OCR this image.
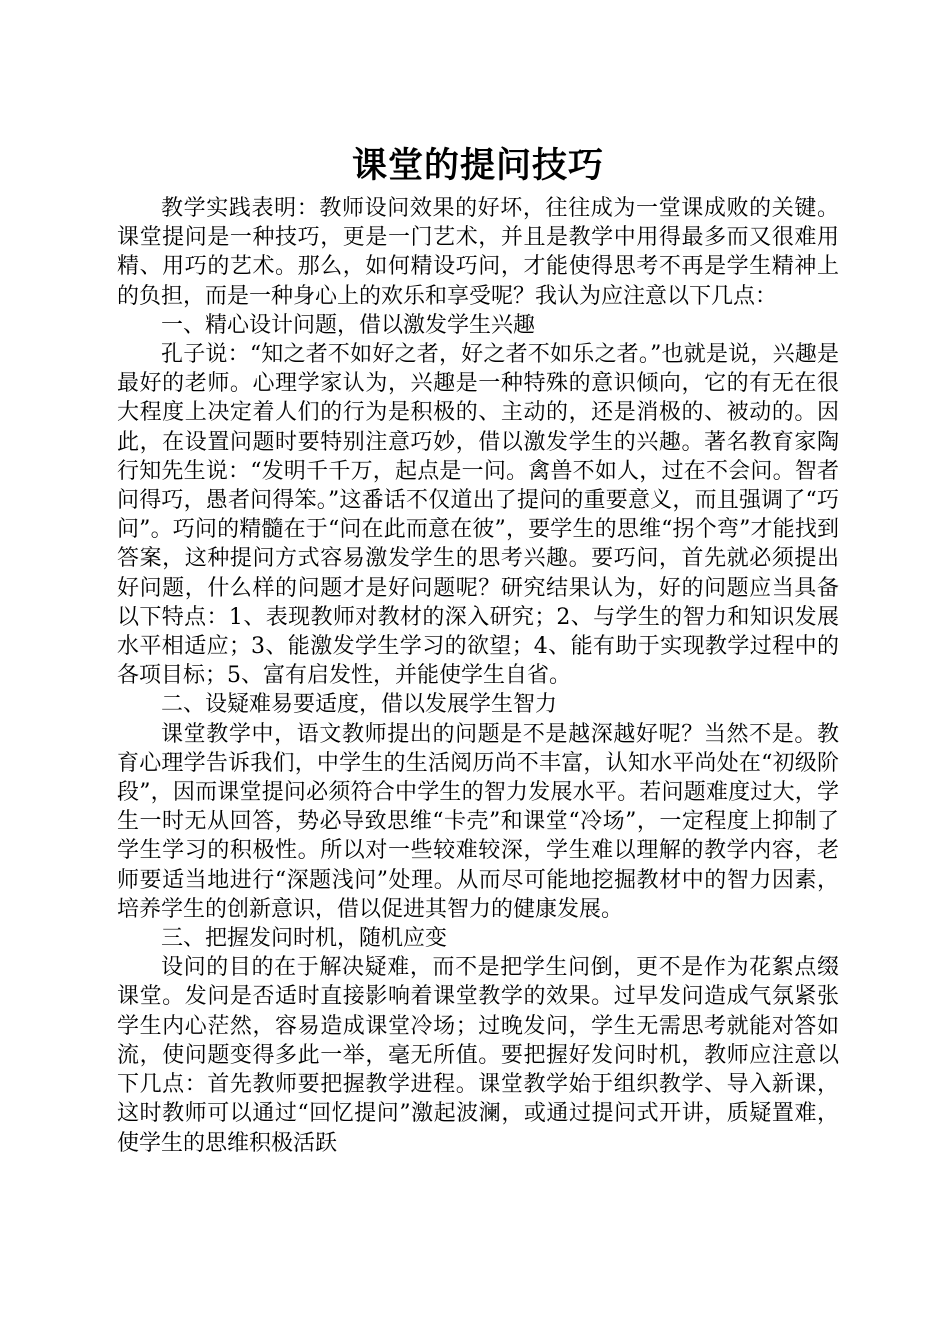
课堂的提问技巧

教学实践表明：教师设问效果的好坏，往往成为一堂课成败的关键。课堂提问是一种技巧，更是一门艺术，并且是教学中用得最多而又很难用精、用巧的艺术。那么，如何精设巧问，才能使得思考不再是学生精神上的负担，而是一种身心上的欢乐和享受呢？我认为应注意以下几点：

一、精心设计问题，借以激发学生兴趣

孔子说：“知之者不如好之者，好之者不如乐之者。”也就是说，兴趣是最好的老师。心理学家认为，兴趣是一种特殊的意识倾向，它的有无在很大程度上决定着人们的行为是积极的、主动的，还是消极的、被动的。因此，在设置问题时要特别注意巧妙，借以激发学生的兴趣。著名教育家陶行知先生说：“发明千千万，起点是一问。禽兽不如人，过在不会问。智者问得巧，愚者问得笨。”这番话不仅道出了提问的重要意义，而且强调了“巧问”。巧问的精髓在于“问在此而意在彼”，要学生的思维“拐个弯”才能找到答案，这种提问方式容易激发学生的思考兴趣。要巧问，首先就必须提出好问题，什么样的问题才是好问题呢？研究结果认为，好的问题应当具备以下特点：1、表现教师对教材的深入研究；2、与学生的智力和知识发展水平相适应；3、能激发学生学习的欲望；4、能有助于实现教学过程中的各项目标；5、富有启发性，并能使学生自省。

二、设疑难易要适度，借以发展学生智力

课堂教学中，语文教师提出的问题是不是越深越好呢？当然不是。教育心理学告诉我们，中学生的生活阅历尚不丰富，认知水平尚处在“初级阶段”，因而课堂提问必须符合中学生的智力发展水平。若问题难度过大，学生一时无从回答，势必导致思维“卡壳”和课堂“冷场”，一定程度上抑制了学生学习的积极性。所以对一些较难较深，学生难以理解的教学内容，老师要适当地进行“深题浅问”处理。从而尽可能地挖掘教材中的智力因素，培养学生的创新意识，借以促进其智力的健康发展。

三、把握发问时机，随机应变

设问的目的在于解决疑难，而不是把学生问倒，更不是作为花絮点缀课堂。发问是否适时直接影响着课堂教学的效果。过早发问造成气氛紧张学生内心茫然，容易造成课堂冷场；过晚发问，学生无需思考就能对答如流，使问题变得多此一举，毫无所值。要把握好发问时机，教师应注意以下几点：首先教师要把握教学进程。课堂教学始于组织教学、导入新课，这时教师可以通过“回忆提问”激起波澜，或通过提问式开讲，质疑置难，使学生的思维积极活跃
